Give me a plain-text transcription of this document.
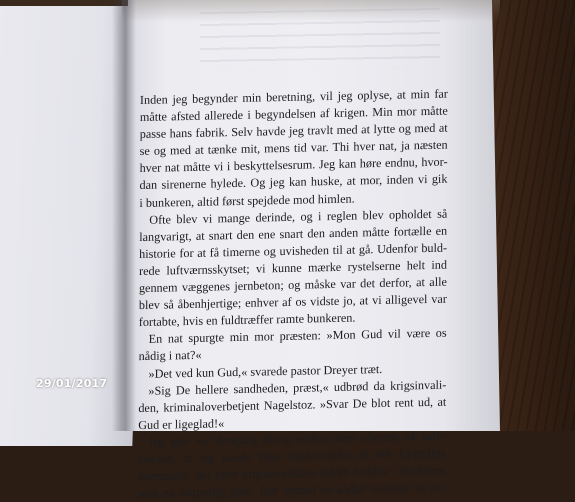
Inden jeg begynder min beretning, vil jeg oplyse, at min far

måtte afsted allerede i begyndelsen af krigen. Min mor måtte

passe hans fabrik. Selv havde jeg travlt med at lytte og med at

se og med at tænke mit, mens tid var. Thi hver nat, ja næsten

hver nat måtte vi i beskyttelsesrum. Jeg kan høre endnu, hvor-

dan sirenerne hylede. Og jeg kan huske, at mor, inden vi gik

i bunkeren, altid først spejdede mod himlen.

Ofte blev vi mange derinde, og i reglen blev opholdet så

langvarigt, at snart den ene snart den anden måtte fortælle en

historie for at få timerne og uvisheden til at gå. Udenfor buld-

rede luftværnsskytset; vi kunne mærke rystelserne helt ind

gennem væggenes jernbeton; og måske var det derfor, at alle

blev så åbenhjertige; enhver af os vidste jo, at vi alligevel var

fortabte, hvis en fuldtræffer ramte bunkeren.

En nat spurgte min mor præsten: »Mon Gud vil være os

nådig i nat?«

»Det ved kun Gud,« svarede pastor Dreyer træt.

»Sig De hellere sandheden, præst,« udbrød da krigsinvali-

den, kriminaloverbetjent Nagelstoz. »Svar De blot rent ud, at

Gud er ligeglad!«

Jeg selv var dengang dreng endnu, men allerede så halv-

voksen, at jeg kunde fatte rækkevidden af det frygtelige

spørgsmål, der efter krigsinvalidens udråb forblev i bunkeren

som en korporlig pine. Der opstod en sådan tavshed, at en-

29/01/2017
